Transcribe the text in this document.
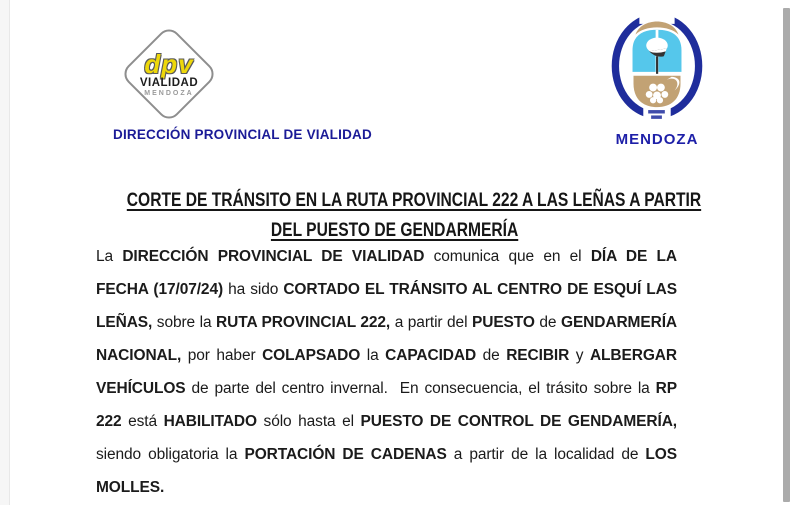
dpv
VIALIDAD
MENDOZA
DIRECCIÓN PROVINCIAL DE VIALIDAD	MENDOZA
CORTE DE TRÁNSITO EN LA RUTA PROVINCIAL 222 A LAS LEÑAS A PARTIR
DEL PUESTO DE GENDARMERÍA
La DIRECCIÓN PROVINCIAL DE VIALIDAD comunica que en el DÍA DE LA FECHA (17/07/24) ha sido CORTADO EL TRÁNSITO AL CENTRO DE ESQUÍ LAS LEÑAS, sobre la RUTA PROVINCIAL 222, a partir del PUESTO de GENDARMERÍA NACIONAL, por haber COLAPSADO la CAPACIDAD de RECIBIR y ALBERGAR VEHÍCULOS de parte del centro invernal.  En consecuencia, el trásito sobre la RP 222 está HABILITADO sólo hasta el PUESTO DE CONTROL DE GENDAMERÍA, siendo obligatoria la PORTACIÓN DE CADENAS a partir de la localidad de LOS MOLLES.
